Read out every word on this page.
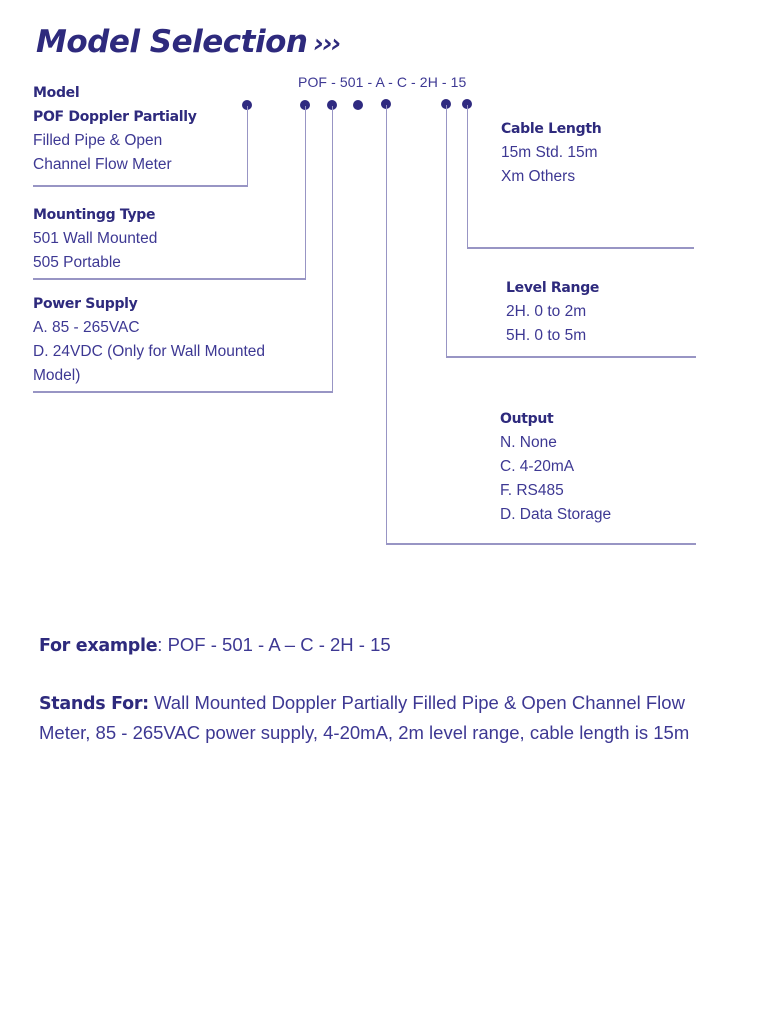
Model Selection ›››
POF - 501 - A - C - 2H - 15
Model
POF Doppler Partially
Filled Pipe & Open
Channel Flow Meter
Mountingg Type
501 Wall Mounted
505 Portable
Power Supply
A. 85 - 265VAC
D. 24VDC (Only for Wall Mounted
Model)
Cable Length
15m Std. 15m
Xm Others
Level Range
2H. 0 to 2m
5H. 0 to 5m
Output
N. None
C. 4-20mA
F. RS485
D. Data Storage
For example: POF - 501 - A – C - 2H - 15
Stands For: Wall Mounted Doppler Partially Filled Pipe & Open Channel Flow Meter, 85 - 265VAC power supply, 4-20mA, 2m level range, cable length is 15m
